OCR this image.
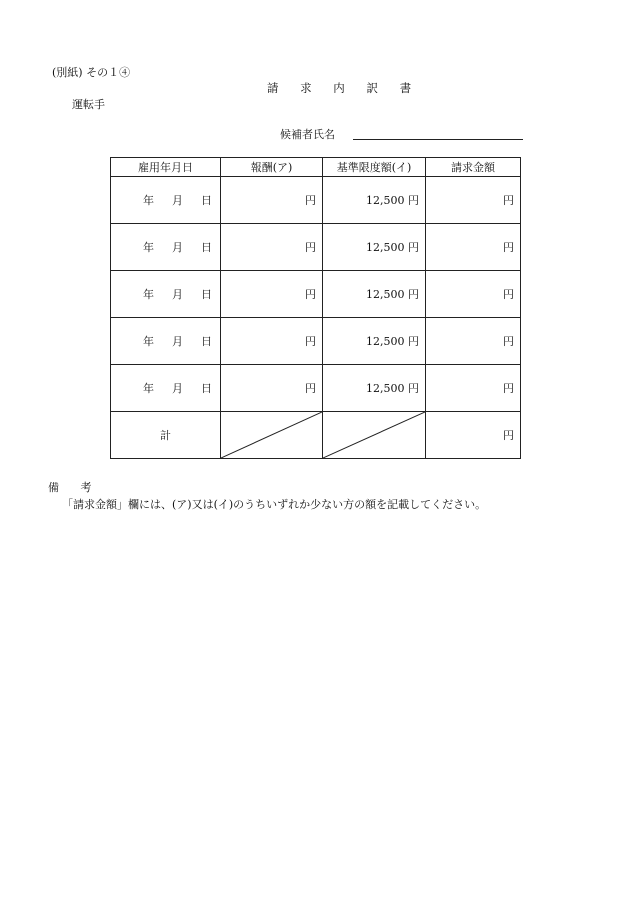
(別紙) その１④
請 求 内 訳 書
運転手
候補者氏名
雇用年月日	報酬(ア)	基準限度額(イ)	請求金額
年 月 日	円	12,500 円	円
年 月 日	円	12,500 円	円
年 月 日	円	12,500 円	円
年 月 日	円	12,500 円	円
年 月 日	円	12,500 円	円
計			円
備 考
「請求金額」欄には、(ア)又は(イ)のうちいずれか少ない方の額を記載してください。
